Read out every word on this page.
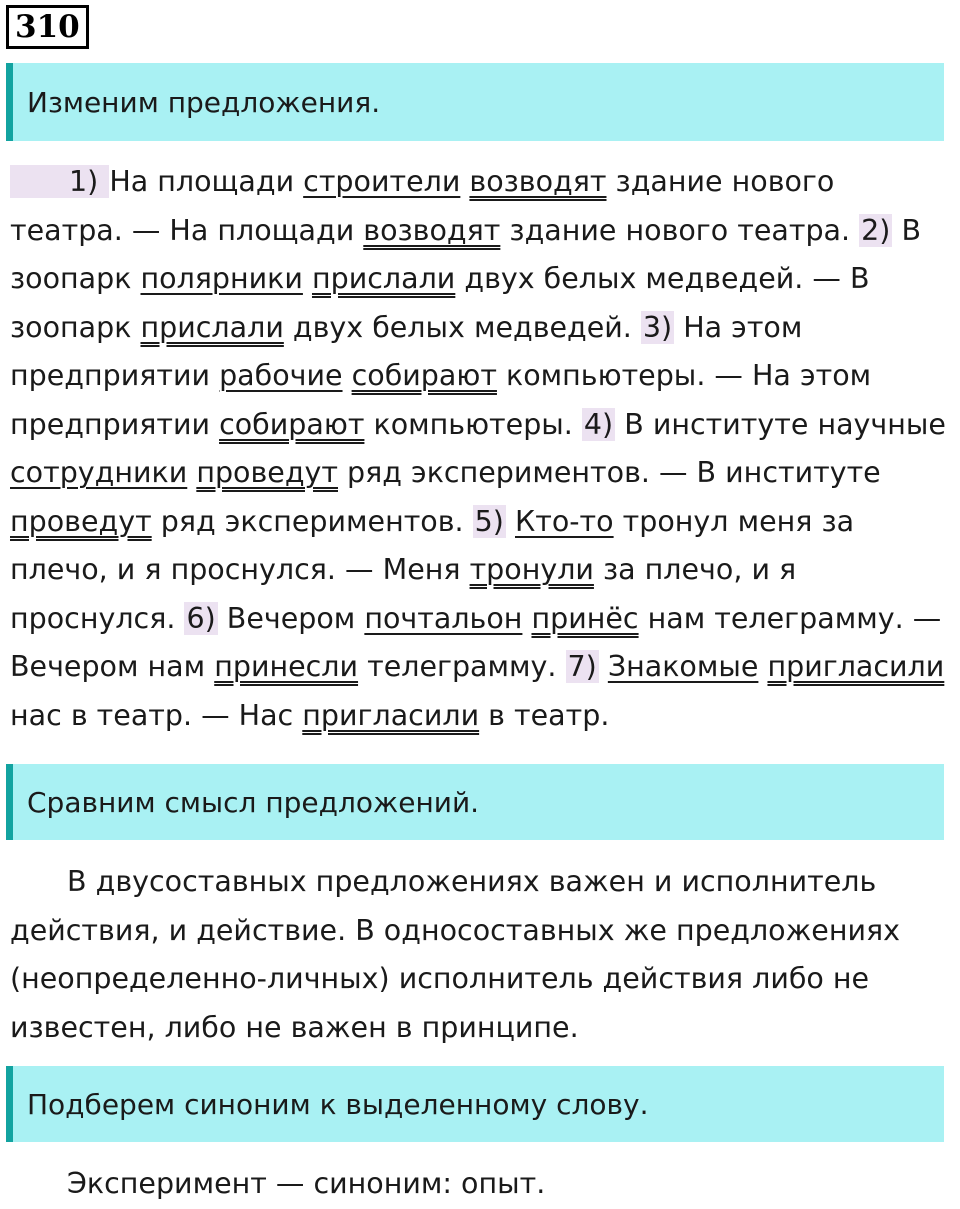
310
Изменим предложения.

  1) На площади строители возводят здание нового театра. — На площади возводят здание нового театра. 2) В зоопарк полярники прислали двух белых медведей. — В зоопарк прислали двух белых медведей. 3) На этом предприятии рабочие собирают компьютеры. — На этом предприятии собирают компьютеры. 4) В институте научные сотрудники проведут ряд экспериментов. — В институте проведут ряд экспериментов. 5) Кто-то тронул меня за плечо, и я проснулся. — Меня тронули за плечо, и я проснулся. 6) Вечером почтальон принёс нам телеграмму. — Вечером нам принесли телеграмму. 7) Знакомые пригласили нас в театр. — Нас пригласили в театр.

Сравним смысл предложений.

  В двусоставных предложениях важен и исполнитель действия, и действие. В односоставных же предложениях (неопределенно-личных) исполнитель действия либо не известен, либо не важен в принципе.

Подберем синоним к выделенному слову.

  Эксперимент — синоним: опыт.
